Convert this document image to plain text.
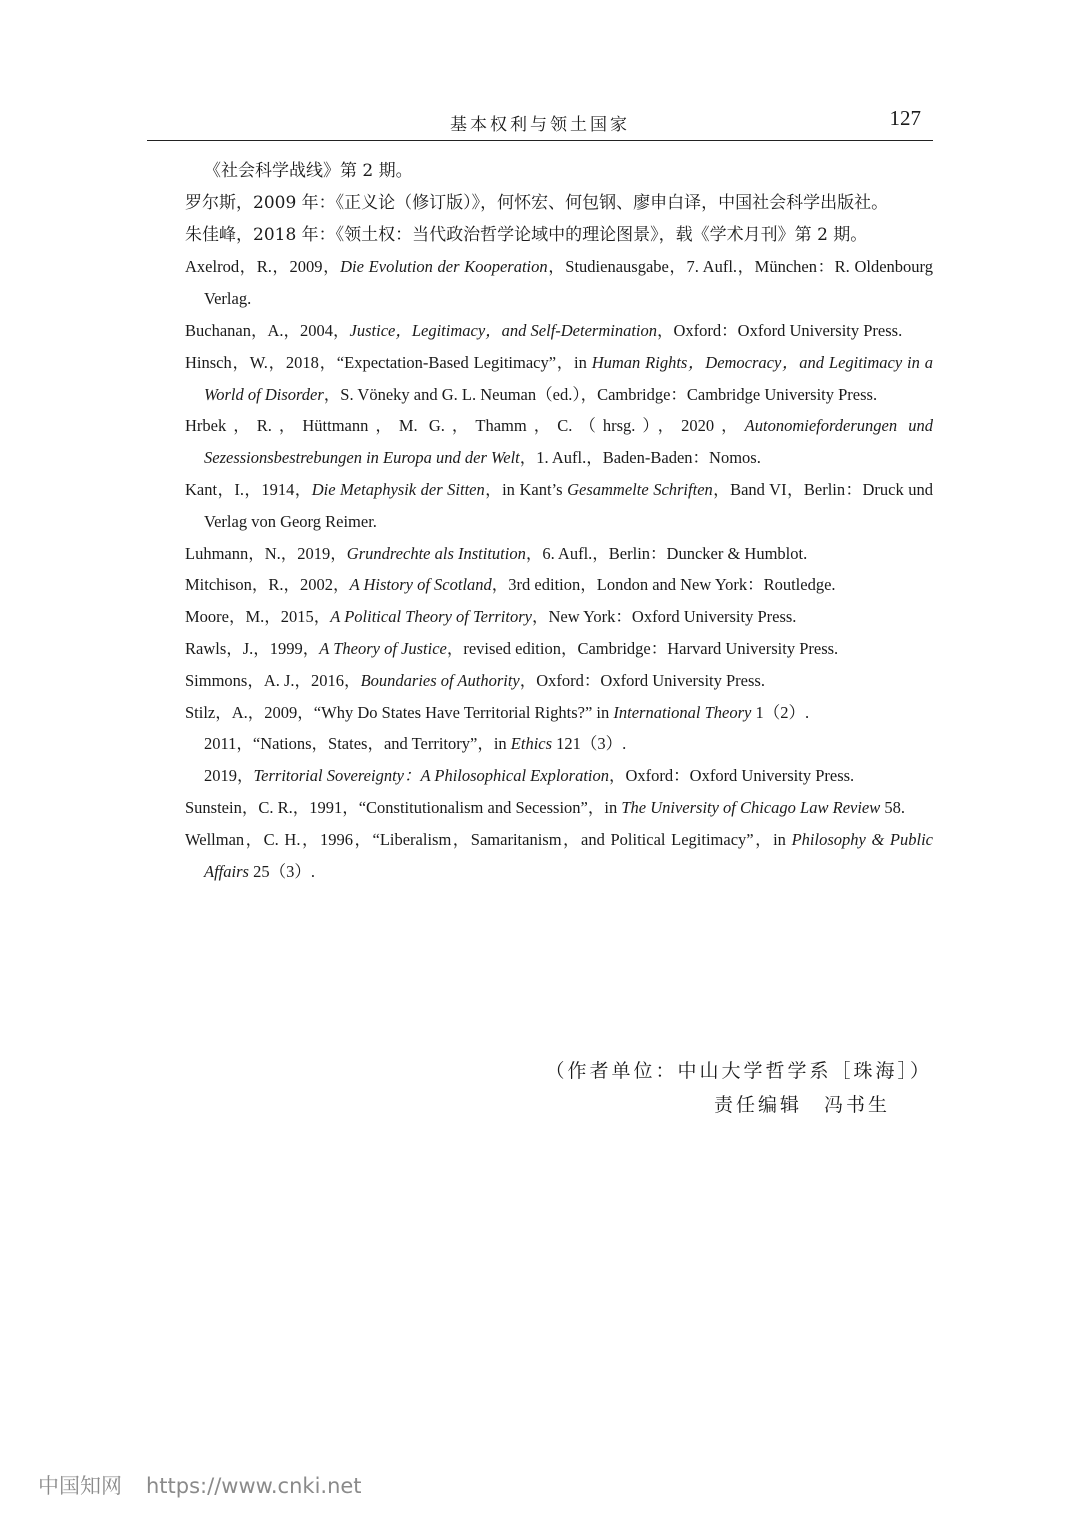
基本权利与领土国家	127
《社会科学战线》第 2 期。
罗尔斯，2009 年：《正义论（修订版）》，何怀宏、何包钢、廖申白译，中国社会科学出版社。
朱佳峰，2018 年：《领土权：当代政治哲学论域中的理论图景》，载《学术月刊》第 2 期。
Axelrod，R.，2009，Die Evolution der Kooperation，Studienausgabe，7. Aufl.，München：R. Oldenbourg Verlag.
Buchanan，A.，2004，Justice，Legitimacy，and Self-Determination，Oxford：Oxford University Press.
Hinsch，W.，2018，“Expectation-Based Legitimacy”，in Human Rights，Democracy，and Legitimacy in a World of Disorder，S. Vöneky and G. L. Neuman（ed.），Cambridge：Cambridge University Press.
Hrbek，R.，Hüttmann，M. G.，Thamm，C.（hrsg.），2020，Autonomieforderungen und Sezessionsbestrebungen in Europa und der Welt，1. Aufl.，Baden-Baden：Nomos.
Kant，I.，1914，Die Metaphysik der Sitten，in Kant’s Gesammelte Schriften，Band VI，Berlin：Druck und Verlag von Georg Reimer.
Luhmann，N.，2019，Grundrechte als Institution，6. Aufl.，Berlin：Duncker & Humblot.
Mitchison，R.，2002，A History of Scotland，3rd edition，London and New York：Routledge.
Moore，M.，2015，A Political Theory of Territory，New York：Oxford University Press.
Rawls，J.，1999，A Theory of Justice，revised edition，Cambridge：Harvard University Press.
Simmons，A. J.，2016，Boundaries of Authority，Oxford：Oxford University Press.
Stilz，A.，2009，“Why Do States Have Territorial Rights?” in International Theory 1（2）.
2011，“Nations，States，and Territory”，in Ethics 121（3）.
2019，Territorial Sovereignty：A Philosophical Exploration，Oxford：Oxford University Press.
Sunstein，C. R.，1991，“Constitutionalism and Secession”，in The University of Chicago Law Review 58.
Wellman，C. H.，1996，“Liberalism，Samaritanism，and Political Legitimacy”，in Philosophy & Public Affairs 25（3）.
（作者单位：中山大学哲学系［珠海］）
责任编辑　冯书生
中国知网 https://www.cnki.net
